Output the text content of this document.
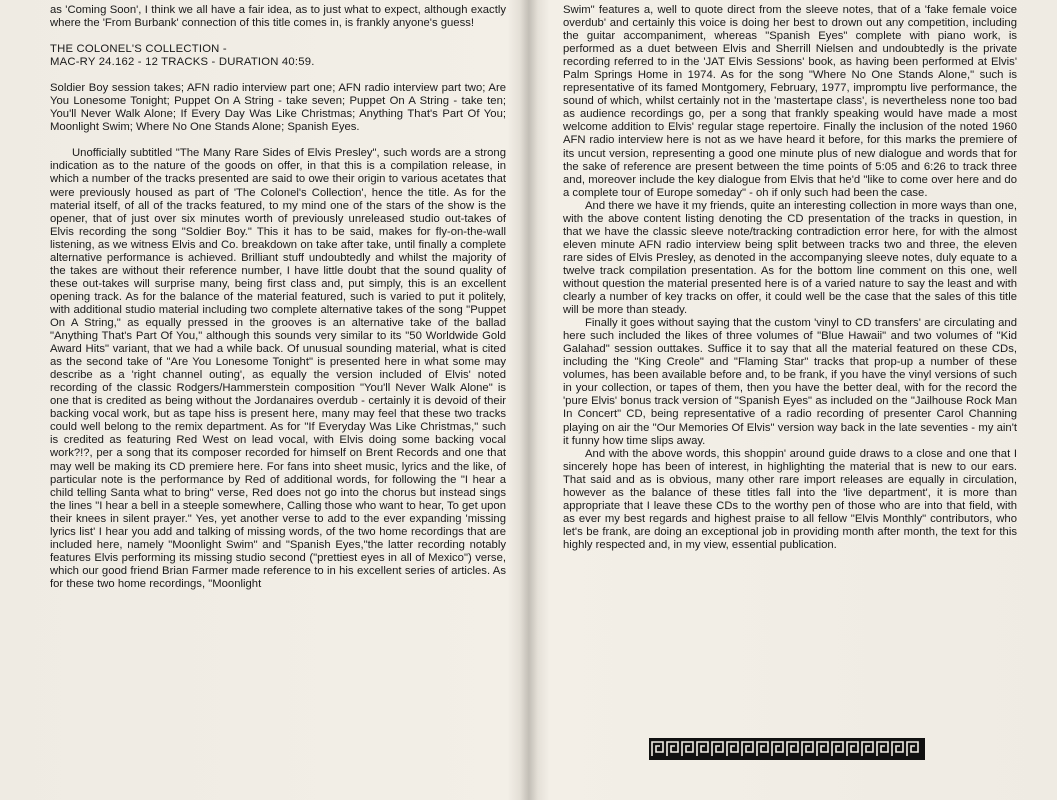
as 'Coming Soon', I think we all have a fair idea, as to just what to expect, although exactly where the 'From Burbank' connection of this title comes in, is frankly anyone's guess!

THE COLONEL'S COLLECTION -
MAC-RY 24.162 - 12 TRACKS - DURATION 40:59.

Soldier Boy session takes; AFN radio interview part one; AFN radio interview part two; Are You Lonesome Tonight; Puppet On A String - take seven; Puppet On A String - take ten; You'll Never Walk Alone; If Every Day Was Like Christmas; Anything That's Part Of You; Moonlight Swim; Where No One Stands Alone; Spanish Eyes.

Unofficially subtitled "The Many Rare Sides of Elvis Presley", such words are a strong indication as to the nature of the goods on offer, in that this is a compilation release, in which a number of the tracks presented are said to owe their origin to various acetates that were previously housed as part of 'The Colonel's Collection', hence the title. As for the material itself, of all of the tracks featured, to my mind one of the stars of the show is the opener, that of just over six minutes worth of previously unreleased studio out-takes of Elvis recording the song "Soldier Boy." This it has to be said, makes for fly-on-the-wall listening, as we witness Elvis and Co. breakdown on take after take, until finally a complete alternative performance is achieved. Brilliant stuff undoubtedly and whilst the majority of the takes are without their reference number, I have little doubt that the sound quality of these out-takes will surprise many, being first class and, put simply, this is an excellent opening track. As for the balance of the material featured, such is varied to put it politely, with additional studio material including two complete alternative takes of the song "Puppet On A String," as equally pressed in the grooves is an alternative take of the ballad "Anything That's Part Of You," although this sounds very similar to its "50 Worldwide Gold Award Hits" variant, that we had a while back. Of unusual sounding material, what is cited as the second take of "Are You Lonesome Tonight" is presented here in what some may describe as a 'right channel outing', as equally the version included of Elvis' noted recording of the classic Rodgers/Hammerstein composition "You'll Never Walk Alone" is one that is credited as being without the Jordanaires overdub - certainly it is devoid of their backing vocal work, but as tape hiss is present here, many may feel that these two tracks could well belong to the remix department. As for "If Everyday Was Like Christmas," such is credited as featuring Red West on lead vocal, with Elvis doing some backing vocal work?!?, per a song that its composer recorded for himself on Brent Records and one that may well be making its CD premiere here. For fans into sheet music, lyrics and the like, of particular note is the performance by Red of additional words, for following the "I hear a child telling Santa what to bring" verse, Red does not go into the chorus but instead sings the lines "I hear a bell in a steeple somewhere, Calling those who want to hear, To get upon their knees in silent prayer." Yes, yet another verse to add to the ever expanding 'missing lyrics list' I hear you add and talking of missing words, of the two home recordings that are included here, namely "Moonlight Swim" and "Spanish Eyes,"the latter recording notably features Elvis performing its missing studio second ("prettiest eyes in all of Mexico") verse, which our good friend Brian Farmer made reference to in his excellent series of articles. As for these two home recordings, "Moonlight

Swim" features a, well to quote direct from the sleeve notes, that of a 'fake female voice overdub' and certainly this voice is doing her best to drown out any competition, including the guitar accompaniment, whereas "Spanish Eyes" complete with piano work, is performed as a duet between Elvis and Sherrill Nielsen and undoubtedly is the private recording referred to in the 'JAT Elvis Sessions' book, as having been performed at Elvis' Palm Springs Home in 1974. As for the song "Where No One Stands Alone," such is representative of its famed Montgomery, February, 1977, impromptu live performance, the sound of which, whilst certainly not in the 'mastertape class', is nevertheless none too bad as audience recordings go, per a song that frankly speaking would have made a most welcome addition to Elvis' regular stage repertoire. Finally the inclusion of the noted 1960 AFN radio interview here is not as we have heard it before, for this marks the premiere of its uncut version, representing a good one minute plus of new dialogue and words that for the sake of reference are present between the time points of 5:05 and 6:26 to track three and, moreover include the key dialogue from Elvis that he'd "like to come over here and do a complete tour of Europe someday" - oh if only such had been the case.

And there we have it my friends, quite an interesting collection in more ways than one, with the above content listing denoting the CD presentation of the tracks in question, in that we have the classic sleeve note/tracking contradiction error here, for with the almost eleven minute AFN radio interview being split between tracks two and three, the eleven rare sides of Elvis Presley, as denoted in the accompanying sleeve notes, duly equate to a twelve track compilation presentation. As for the bottom line comment on this one, well without question the material presented here is of a varied nature to say the least and with clearly a number of key tracks on offer, it could well be the case that the sales of this title will be more than steady.

Finally it goes without saying that the custom 'vinyl to CD transfers' are circulating and here such included the likes of three volumes of "Blue Hawaii" and two volumes of "Kid Galahad" session outtakes. Suffice it to say that all the material featured on these CDs, including the "King Creole" and "Flaming Star" tracks that prop-up a number of these volumes, has been available before and, to be frank, if you have the vinyl versions of such in your collection, or tapes of them, then you have the better deal, with for the record the 'pure Elvis' bonus track version of "Spanish Eyes" as included on the "Jailhouse Rock Man In Concert" CD, being representative of a radio recording of presenter Carol Channing playing on air the "Our Memories Of Elvis" version way back in the late seventies - my ain't it funny how time slips away.

And with the above words, this shoppin' around guide draws to a close and one that I sincerely hope has been of interest, in highlighting the material that is new to our ears. That said and as is obvious, many other rare import releases are equally in circulation, however as the balance of these titles fall into the 'live department', it is more than appropriate that I leave these CDs to the worthy pen of those who are into that field, with as ever my best regards and highest praise to all fellow "Elvis Monthly" contributors, who let's be frank, are doing an exceptional job in providing month after month, the text for this highly respected and, in my view, essential publication.
